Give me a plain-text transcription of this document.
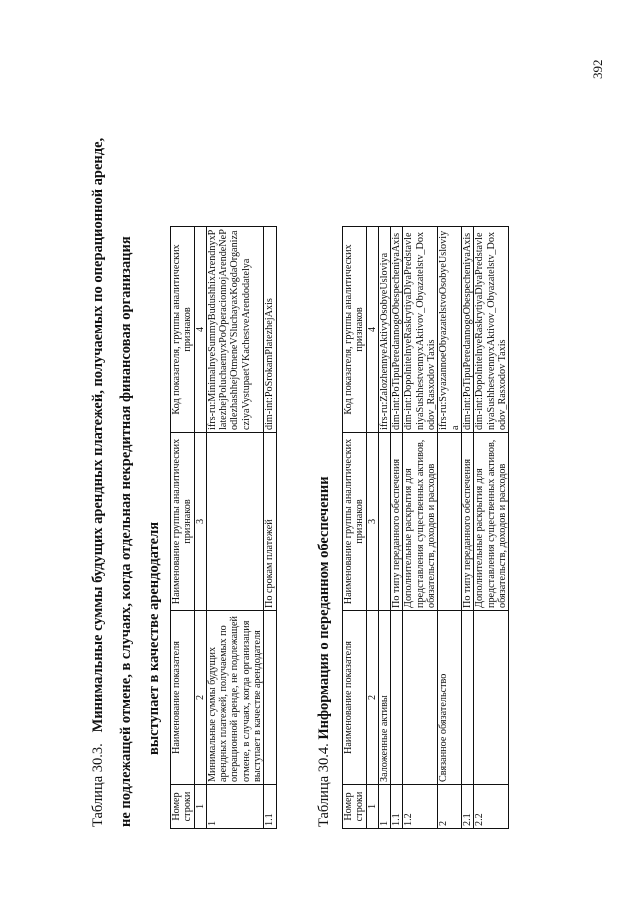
392
Таблица 30.3.   Минимальные суммы будущих арендных платежей, получаемых по операционной аренде, не подлежащей отмене, в случаях, когда отдельная некредитная финансовая организация выступает в качестве арендодателя
Номер строки	Наименование показателя	Наименование группы аналитических признаков	Код показателя, группы аналитических признаков
1	2	3	4
1	Минимальные суммы будущих арендных платежей, получаемых по операционной аренде, не подлежащей отмене, в случаях, когда организация выступает в качестве арендодателя		ifrs-ru:MinimalnyeSummyBudushhixArendnyxPlatezhejPoluchaemyxPoOperacionnojArendeNePodlezhashhejOtmeneVSluchayaxKogdaOrganizacziyaVystupaetVKachestveArendodatelya
1.1		По срокам платежей	dim-int:PoSrokamPlatezhejAxis
Таблица 30.4. Информация о переданном обеспечении
Номер строки	Наименование показателя	Наименование группы аналитических признаков	Код показателя, группы аналитических признаков
1	2	3	4
1	Заложенные активы		ifrs-ru:ZalozhennyeAktivyOsobyeUsloviya
1.1		По типу переданного обеспечения	dim-int:PoTipuPeredannogoObespecheniyaAxis
1.2		Дополнительные раскрытия для представления существенных активов, обязательств, доходов и расходов	dim-int:DopolnitelnyeRaskrytiyaDlyaPredstavleniyaSushhestvennyxAktivov_Obyazatelstv_Doxodov_Rasxodov Taxis
2	Связанное обязательство		ifrs-ru:SvyazannoeObyazatelstvoOsobyeUsloviya
2.1		По типу переданного обеспечения	dim-int:PoTipuPeredannogoObespecheniyaAxis
2.2		Дополнительные раскрытия для представления существенных активов, обязательств, доходов и расходов	dim-int:DopolnitelnyeRaskrytiyaDlyaPredstavleniyaSushhestvennyxAktivov_Obyazatelstv_Doxodov_Rasxodov Taxis
